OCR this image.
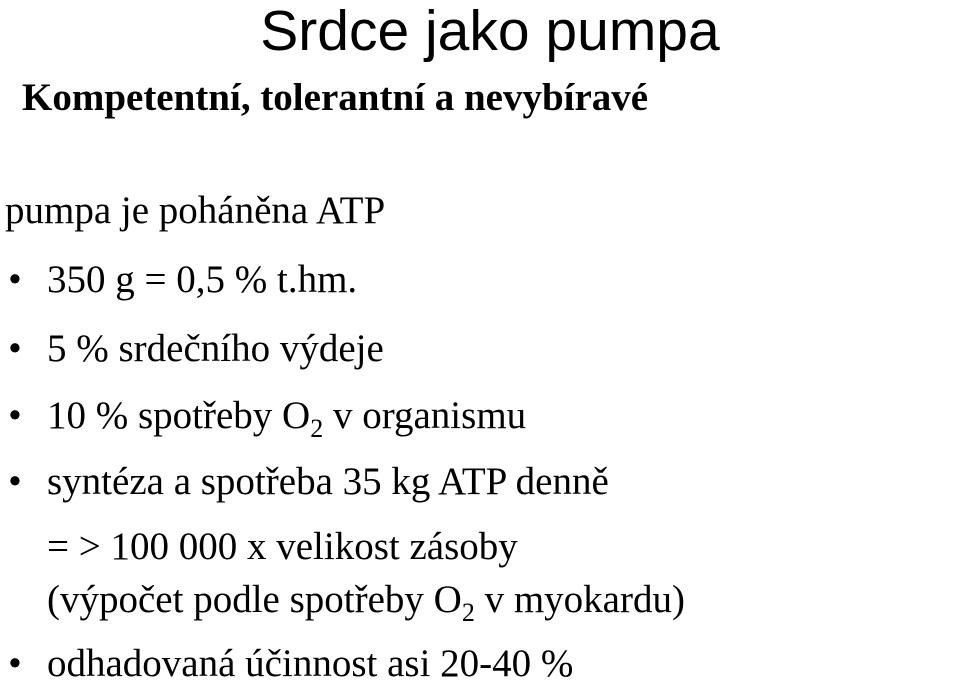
Srdce jako pumpa
Kompetentní, tolerantní a nevybíravé

pumpa je poháněna ATP

• 350 g = 0,5 % t.hm.
• 5 % srdečního výdeje
• 10 % spotřeby $O_2$ v organismu
• syntéza a spotřeba 35 kg ATP denně
= > 100 000 x velikost zásoby
(výpočet podle spotřeby $O_2$ v myokardu)
• odhadovaná účinnost asi 20-40 %
